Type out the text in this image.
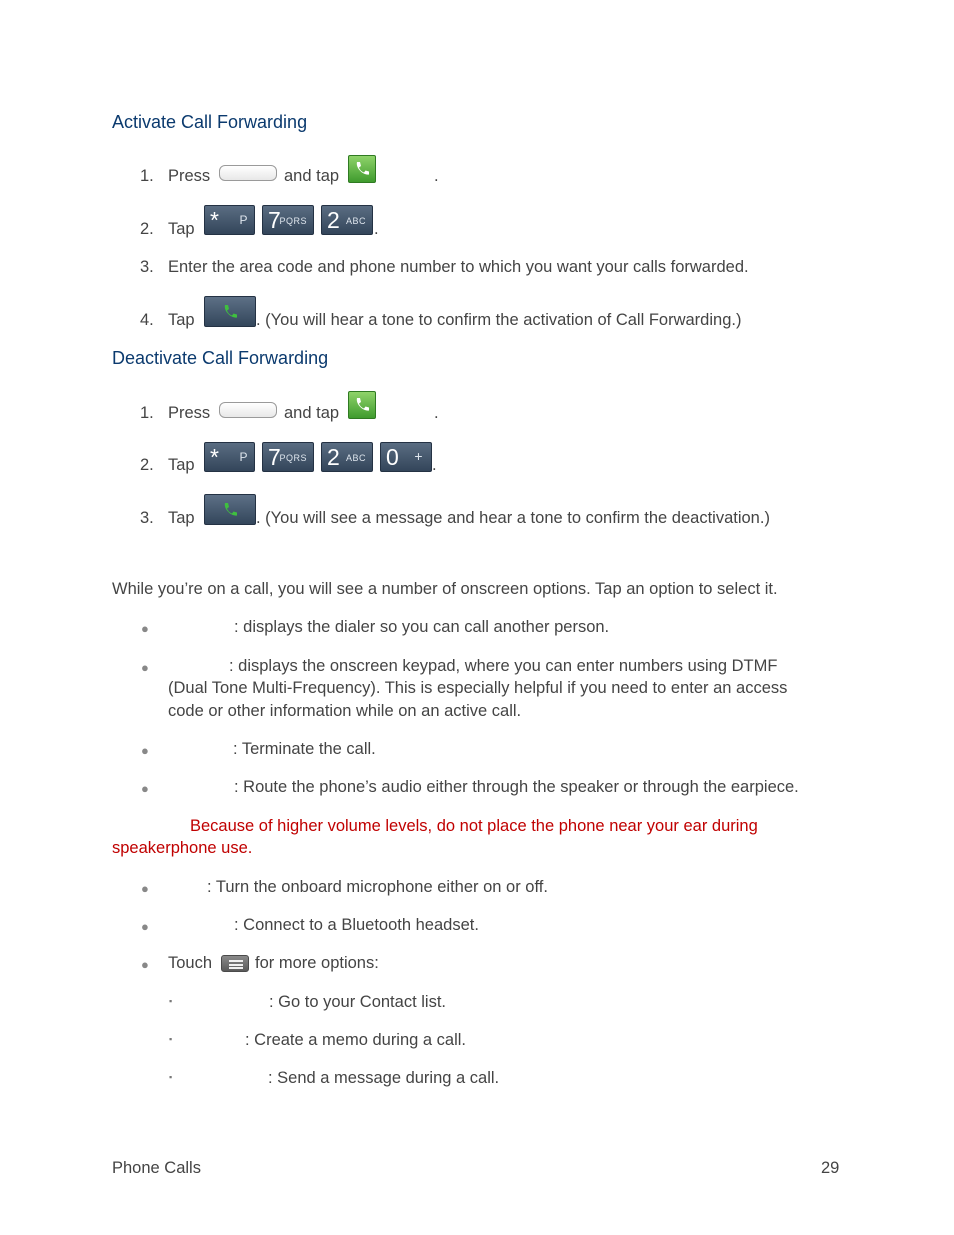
Activate Call Forwarding
1. Press	and tap	.
2. Tap * P 7
PQRS 2 ABC .
3. Enter the area code and phone number to which you want your calls forwarded.
4. Tap	. (You will hear a tone to confirm the activation of Call Forwarding.)
Deactivate Call Forwarding
1. Press	and tap	.
2. Tap * P 7
PQRS 2 ABC 0 + .
3. Tap	. (You will see a message and hear a tone to confirm the deactivation.)
While you’re on a call, you will see a number of onscreen options. Tap an option to select it.
●	: displays the dialer so you can call another person.
●	: displays the onscreen keypad, where you can enter numbers using DTMF
(Dual Tone Multi-Frequency). This is especially helpful if you need to enter an access
code or other information while on an active call.
●	: Terminate the call.
●	: Route the phone’s audio either through the speaker or through the earpiece.
Because of higher volume levels, do not place the phone near your ear during
speakerphone use.
●	: Turn the onboard microphone either on or off.
●	: Connect to a Bluetooth headset.
● Touch	for more options:
▪	: Go to your Contact list.
▪	: Create a memo during a call.
▪	: Send a message during a call.
Phone Calls	29
